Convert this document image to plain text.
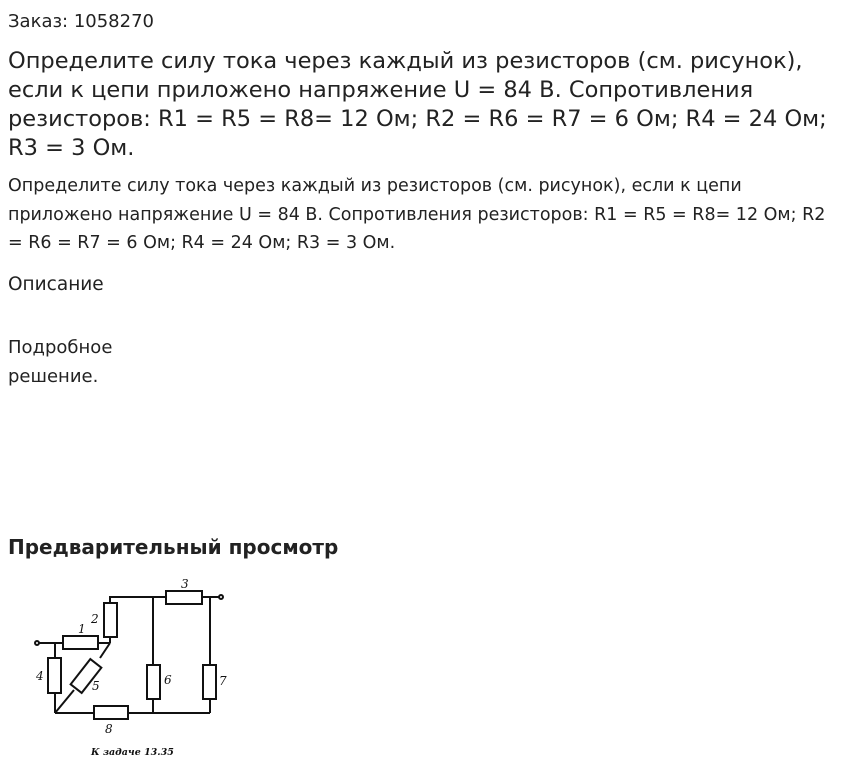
Заказ: 1058270
Определите силу тока через каждый из резисторов (см. рисунок), если к цепи приложено напряжение U = 84 В. Сопротивления резисторов: R1 = R5 = R8= 12 Ом; R2 = R6 = R7 = 6 Ом; R4 = 24 Ом; R3 = 3 Ом.

Определите силу тока через каждый из резисторов (см. рисунок), если к цепи приложено напряжение U = 84 В. Сопротивления резисторов: R1 = R5 = R8= 12 Ом; R2 = R6 = R7 = 6 Ом; R4 = 24 Ом; R3 = 3 Ом.

Описание
Подробное решение.
Предварительный просмотр
1
2
3
4
5	6	7
8
К задаче 13.35
